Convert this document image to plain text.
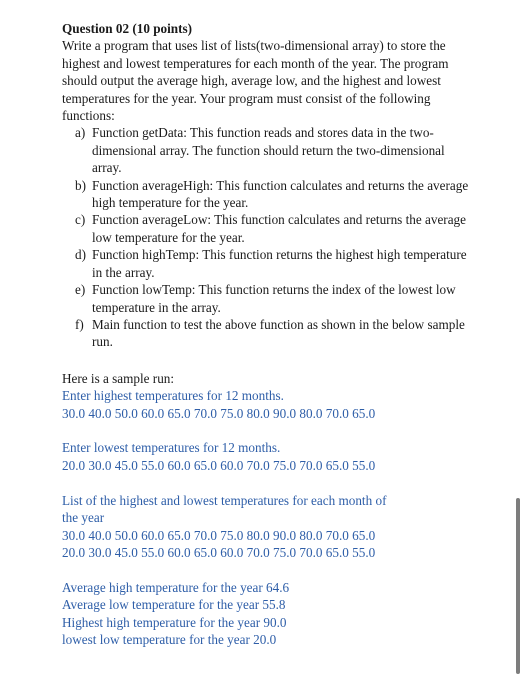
Question 02 (10 points)

Write a program that uses list of lists(two-dimensional array) to store the highest and lowest temperatures for each month of the year. The program should output the average high, average low, and the highest and lowest temperatures for the year. Your program must consist of the following functions:

a) Function getData: This function reads and stores data in the two-dimensional array. The function should return the two-dimensional array.
b) Function averageHigh: This function calculates and returns the average high temperature for the year.
c) Function averageLow: This function calculates and returns the average low temperature for the year.
d) Function highTemp: This function returns the highest high temperature in the array.
e) Function lowTemp: This function returns the index of the lowest low temperature in the array.
f) Main function to test the above function as shown in the below sample run.
Here is a sample run:
Enter highest temperatures for 12 months.
30.0 40.0 50.0 60.0 65.0 70.0 75.0 80.0 90.0 80.0 70.0 65.0
Enter lowest temperatures for 12 months.
20.0 30.0 45.0 55.0 60.0 65.0 60.0 70.0 75.0 70.0 65.0 55.0
List of the highest and lowest temperatures for each month of
the year
30.0 40.0 50.0 60.0 65.0 70.0 75.0 80.0 90.0 80.0 70.0 65.0
20.0 30.0 45.0 55.0 60.0 65.0 60.0 70.0 75.0 70.0 65.0 55.0
Average high temperature for the year 64.6
Average low temperature for the year 55.8
Highest high temperature for the year 90.0
lowest low temperature for the year 20.0
